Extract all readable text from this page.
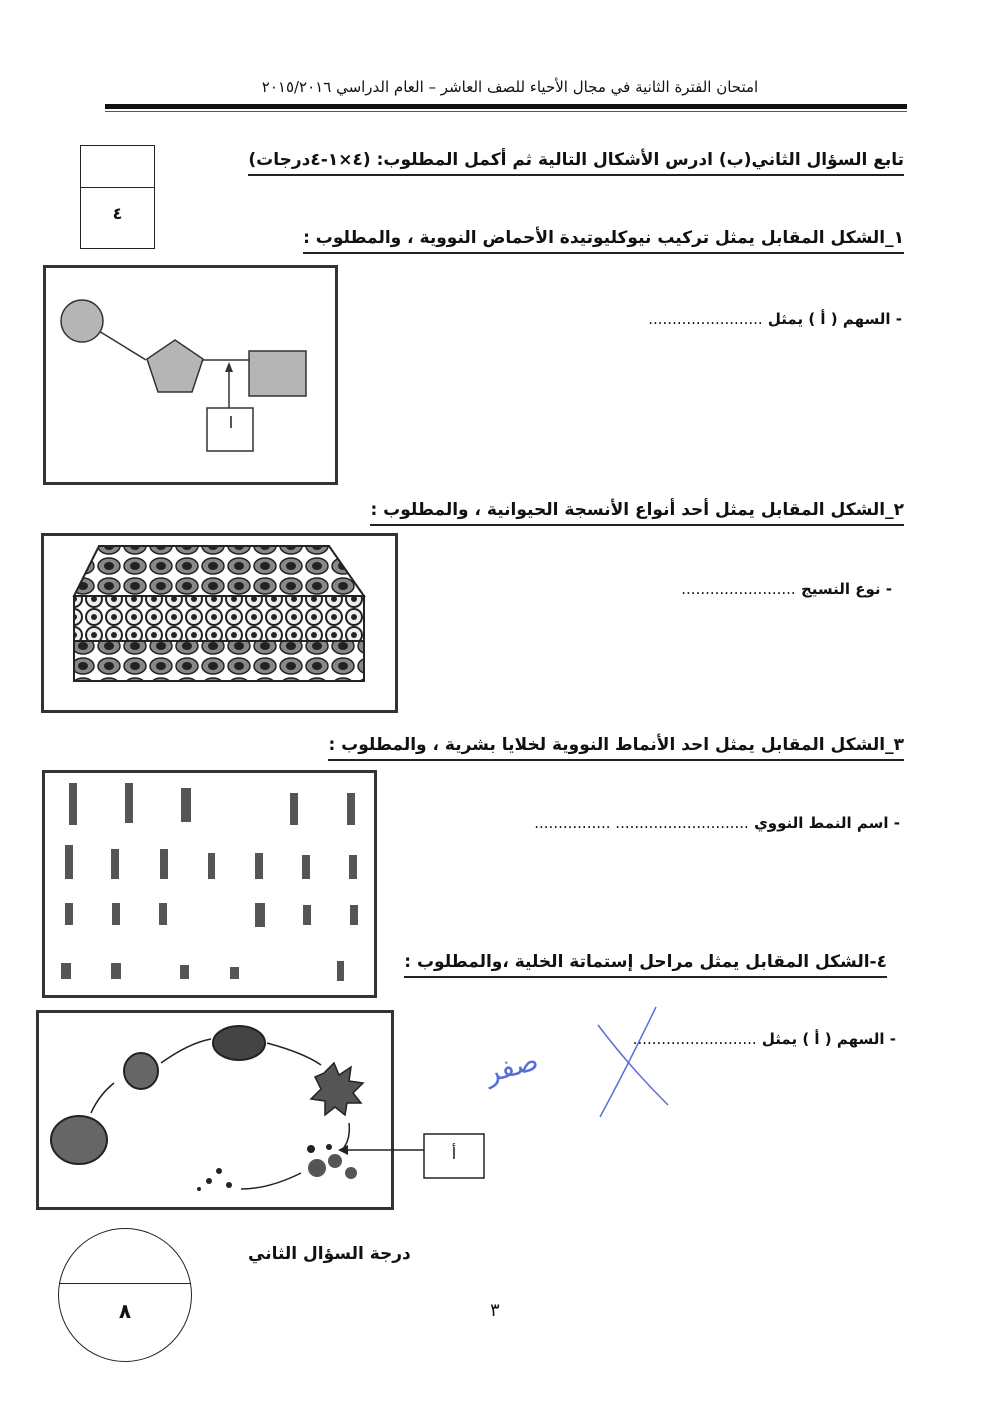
امتحان الفترة الثانية في مجال الأحياء للصف العاشر – العام الدراسي ٢٠١٥/٢٠١٦
٤
تابع السؤال الثاني(ب) ادرس الأشكال التالية ثم أكمل المطلوب: (٤×١-٤درجات)
١_الشكل المقابل يمثل تركيب نيوكليوتيدة الأحماض النووية ، والمطلوب :
- السهم ( أ ) يمثل ........................
ا
٢_الشكل المقابل يمثل أحد أنواع الأنسجة الحيوانية ، والمطلوب :
- نوع النسيج ........................
٣_الشكل المقابل يمثل احد الأنماط النووية لخلايا بشرية ، والمطلوب :
- اسم النمط النووي ............................ ................
٤-الشكل المقابل يمثل مراحل إستماتة الخلية ،والمطلوب :
- السهم ( أ ) يمثل ..........................
أ
صفر
٨
درجة السؤال الثاني
٣
